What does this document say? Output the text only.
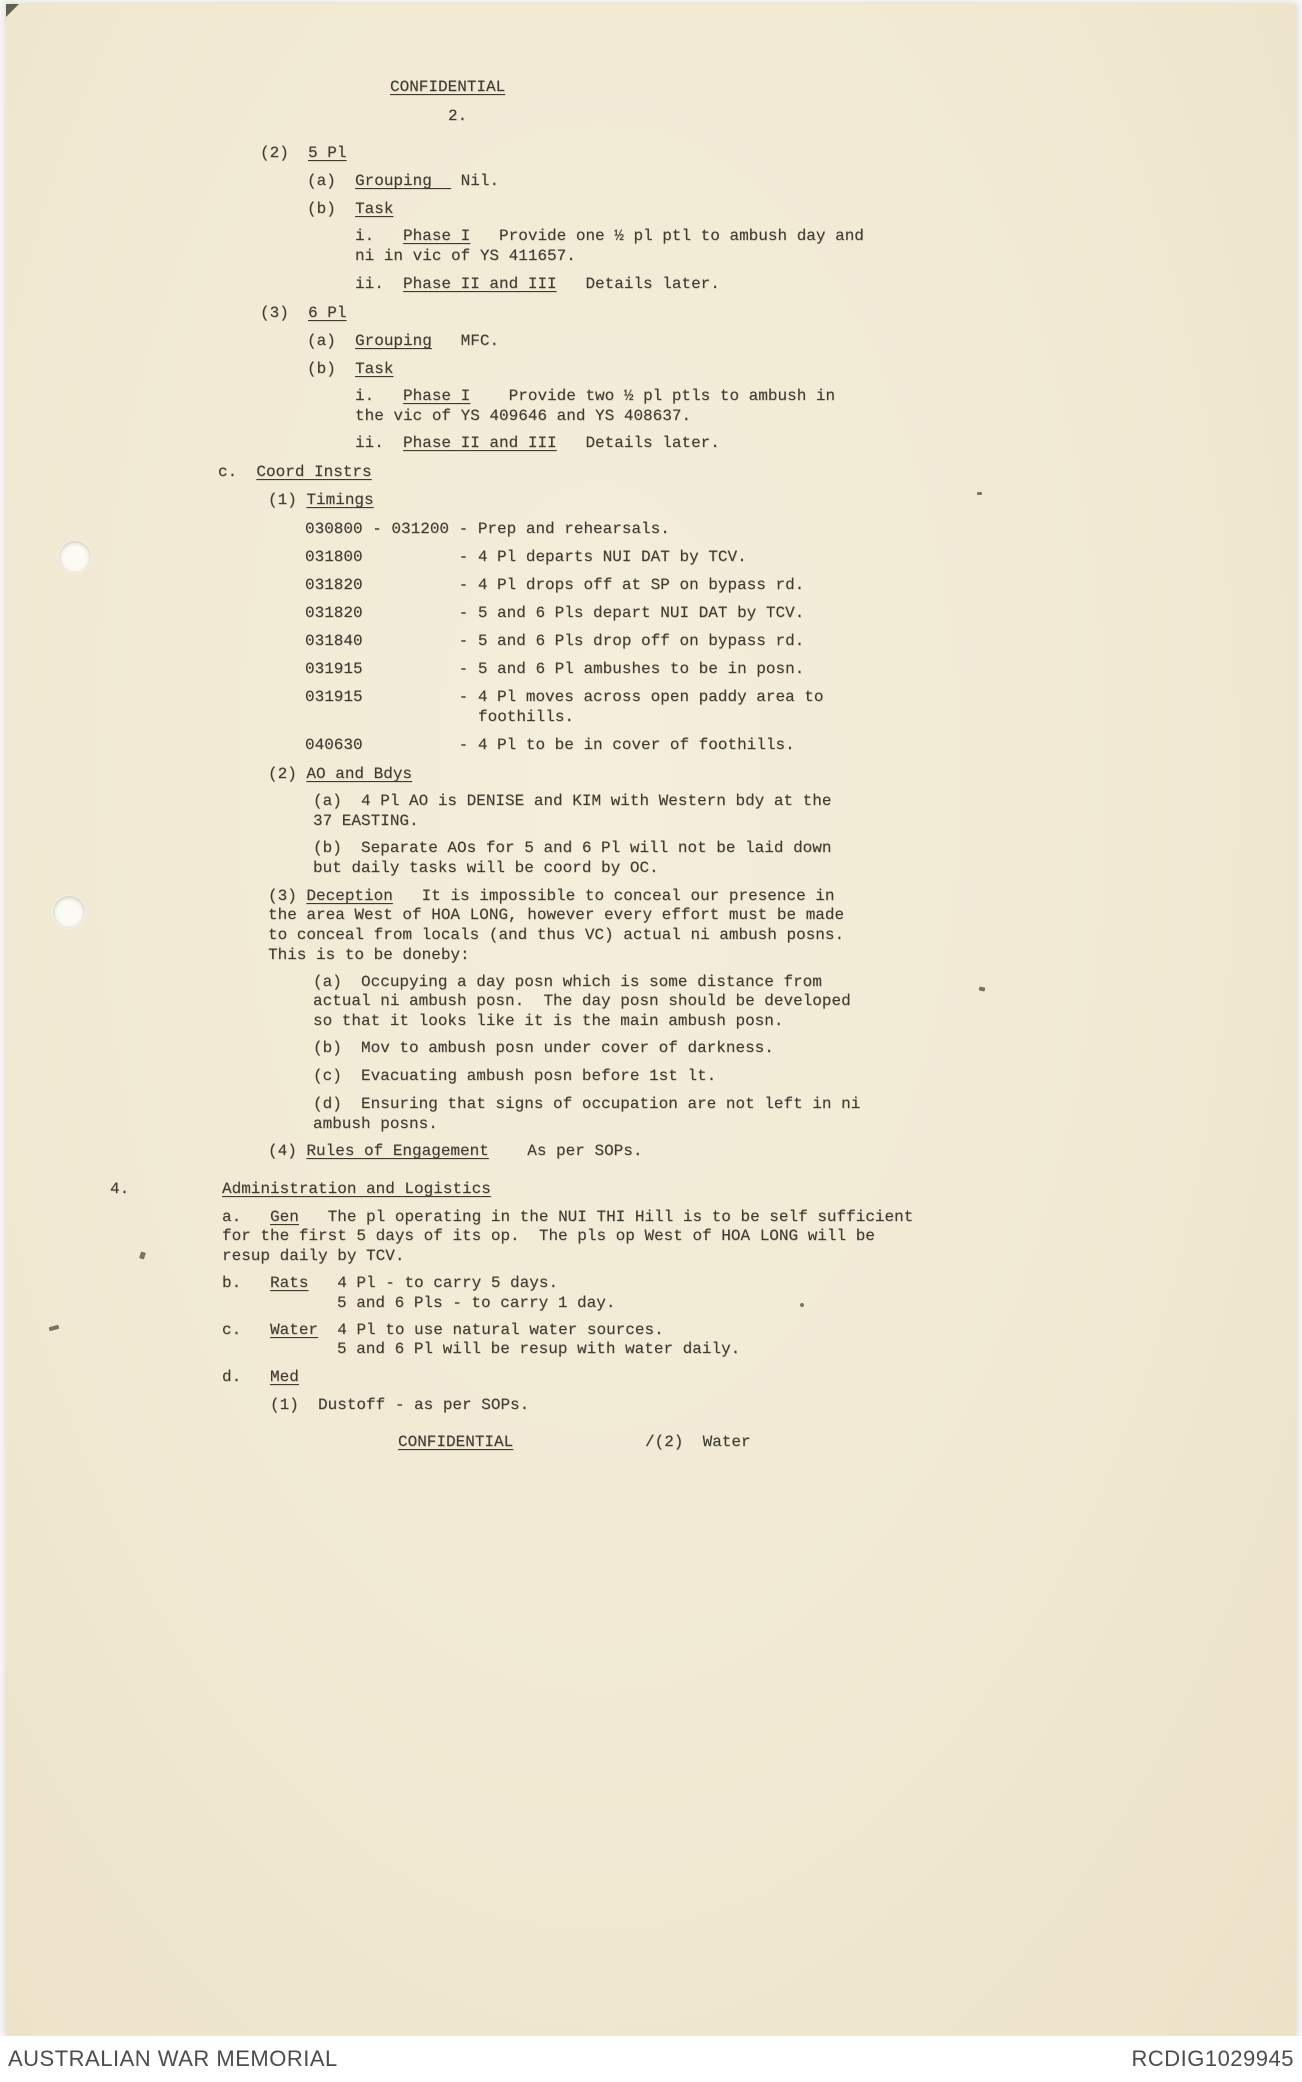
CONFIDENTIAL
2.
(2)  5 Pl
(a)  Grouping   Nil.
(b)  Task
i.   Phase I   Provide one ½ pl ptl to ambush day and
ni in vic of YS 411657.
ii.  Phase II and III   Details later.
(3)  6 Pl
(a)  Grouping   MFC.
(b)  Task
i.   Phase I    Provide two ½ pl ptls to ambush in
the vic of YS 409646 and YS 408637.
ii.  Phase II and III   Details later.
c.  Coord Instrs
(1) Timings
030800 - 031200 - Prep and rehearsals.
031800          - 4 Pl departs NUI DAT by TCV.
031820          - 4 Pl drops off at SP on bypass rd.
031820          - 5 and 6 Pls depart NUI DAT by TCV.
031840          - 5 and 6 Pls drop off on bypass rd.
031915          - 5 and 6 Pl ambushes to be in posn.
031915          - 4 Pl moves across open paddy area to
foothills.
040630          - 4 Pl to be in cover of foothills.
(2) AO and Bdys
(a)  4 Pl AO is DENISE and KIM with Western bdy at the
37 EASTING.
(b)  Separate AOs for 5 and 6 Pl will not be laid down
but daily tasks will be coord by OC.
(3) Deception   It is impossible to conceal our presence in
the area West of HOA LONG, however every effort must be made
to conceal from locals (and thus VC) actual ni ambush posns.
This is to be doneby:
(a)  Occupying a day posn which is some distance from
actual ni ambush posn.  The day posn should be developed
so that it looks like it is the main ambush posn.
(b)  Mov to ambush posn under cover of darkness.
(c)  Evacuating ambush posn before 1st lt.
(d)  Ensuring that signs of occupation are not left in ni
ambush posns.
(4) Rules of Engagement    As per SOPs.
4.	Administration and Logistics
a.   Gen   The pl operating in the NUI THI Hill is to be self sufficient
for the first 5 days of its op.  The pls op West of HOA LONG will be
resup daily by TCV.
b.   Rats   4 Pl - to carry 5 days.
5 and 6 Pls - to carry 1 day.
c.   Water  4 Pl to use natural water sources.
5 and 6 Pl will be resup with water daily.
d.   Med
(1)  Dustoff - as per SOPs.
CONFIDENTIAL	/(2)  Water
AUSTRALIAN WAR MEMORIAL	RCDIG1029945
